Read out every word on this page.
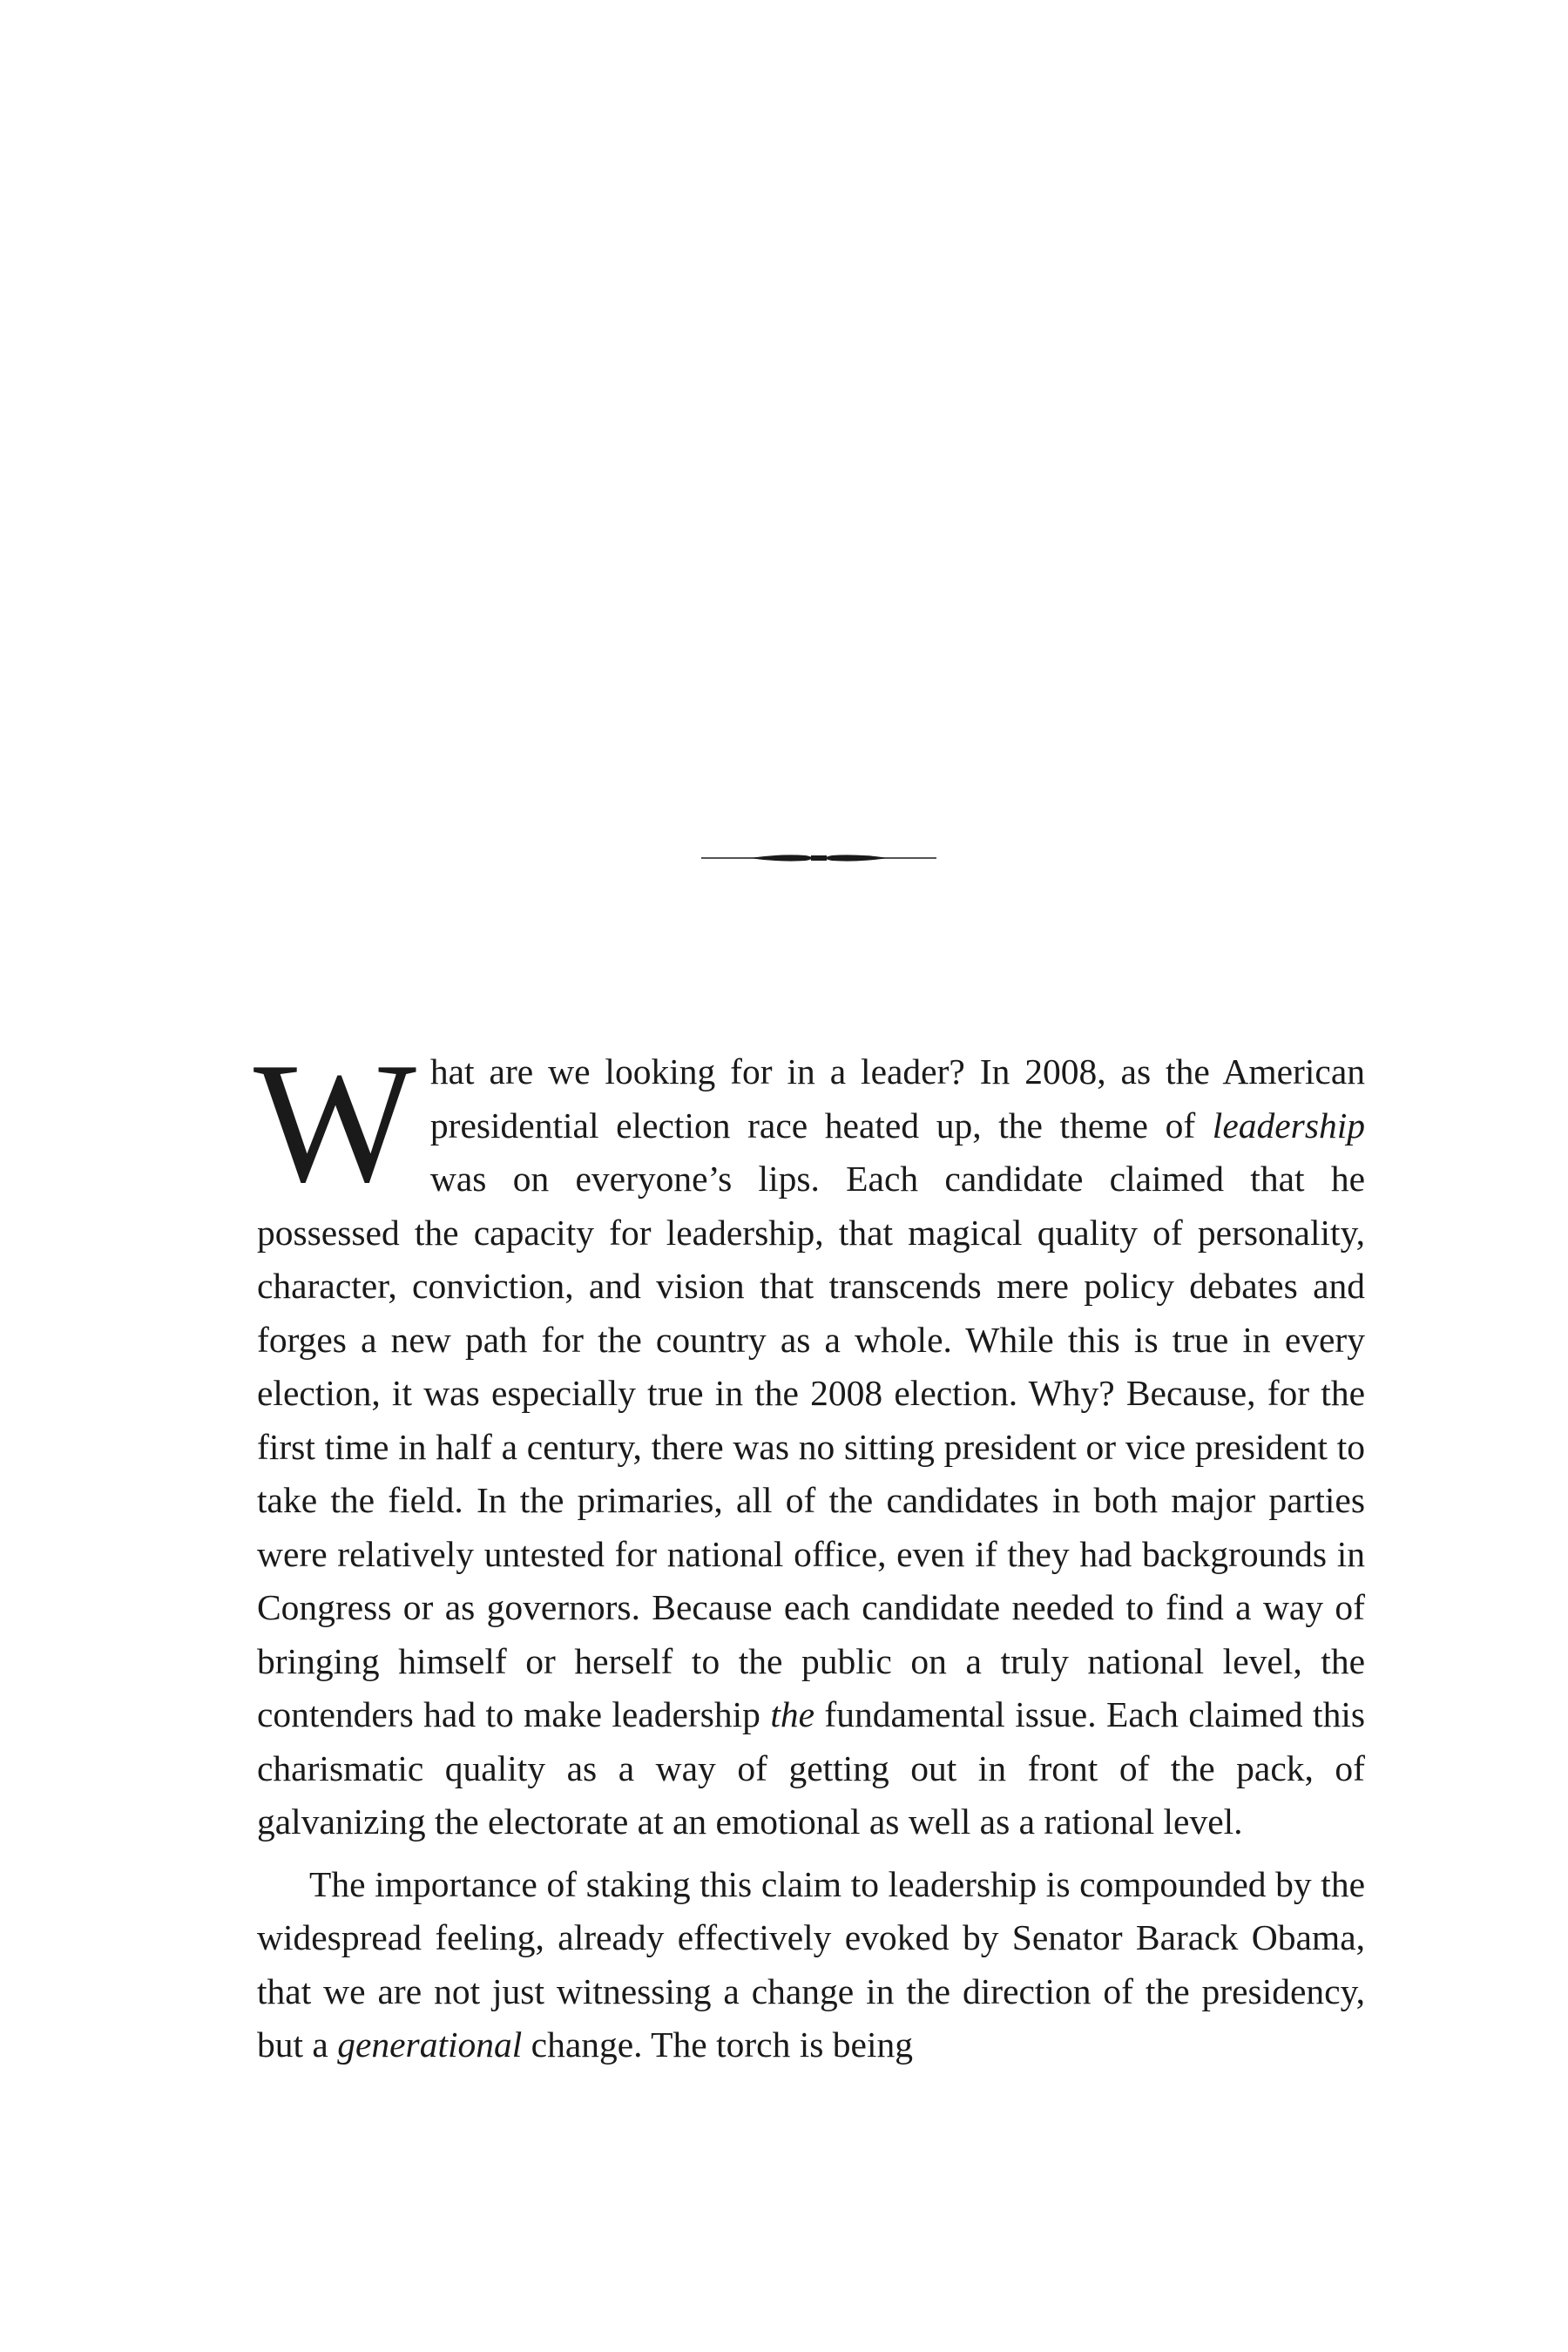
What are we looking for in a leader? In 2008, as the American presidential election race heated up, the theme of leadership was on everyone’s lips. Each candidate claimed that he possessed the capacity for leadership, that magical quality of personality, character, conviction, and vision that transcends mere policy debates and forges a new path for the country as a whole. While this is true in every election, it was especially true in the 2008 election. Why? Because, for the first time in half a century, there was no sitting president or vice president to take the field. In the primaries, all of the candidates in both major parties were relatively untested for national office, even if they had backgrounds in Congress or as governors. Because each candidate needed to find a way of bringing himself or herself to the public on a truly national level, the contenders had to make leadership the fundamental issue. Each claimed this charismatic quality as a way of getting out in front of the pack, of galvanizing the electorate at an emotional as well as a rational level.

The importance of staking this claim to leadership is compounded by the widespread feeling, already effectively evoked by Senator Barack Obama, that we are not just witnessing a change in the direction of the presidency, but a generational change. The torch is being
